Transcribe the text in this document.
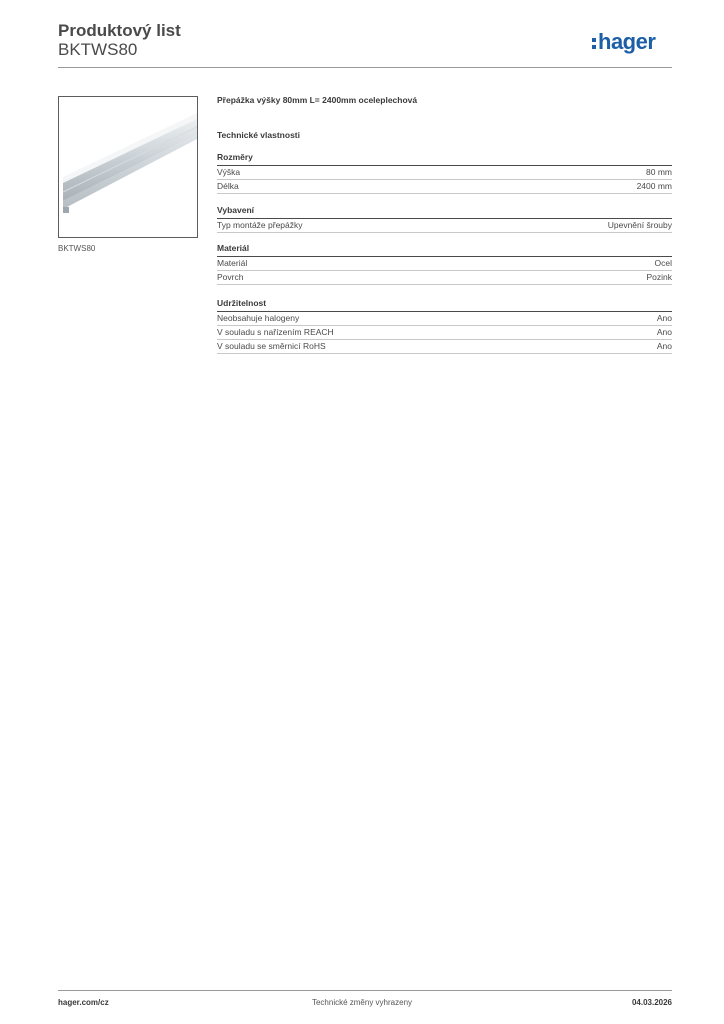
Produktový list
BKTWS80	hager
BKTWS80
Přepážka výšky 80mm L= 2400mm oceleplechová
Technické vlastnosti
Rozměry
Výška	80 mm
Délka	2400 mm
Vybavení
Typ montáže přepážky	Upevnění šrouby
Materiál
Materiál	Ocel
Povrch	Pozink
Udržitelnost
Neobsahuje halogeny	Ano
V souladu s nařízením REACH	Ano
V souladu se směrnicí RoHS	Ano
hager.com/cz	Technické změny vyhrazeny	04.03.2026
